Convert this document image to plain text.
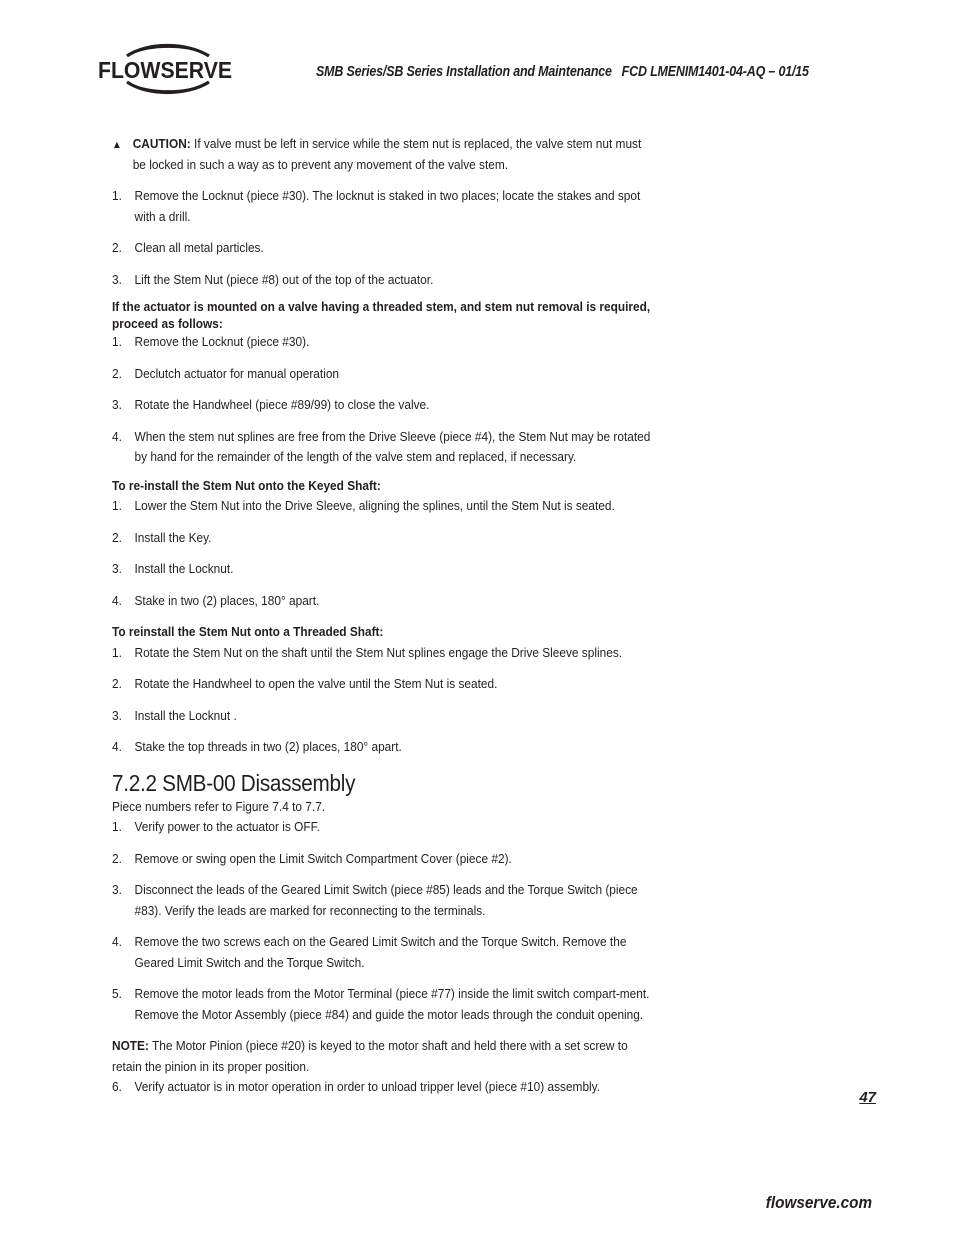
FLOWSERVE	SMB Series/SB Series Installation and Maintenance   FCD LMENIM1401-04-AQ – 01/15
▲ CAUTION: If valve must be left in service while the stem nut is replaced, the valve stem nut must be locked in such a way as to prevent any movement of the valve stem.

1. Remove the Locknut (piece #30). The locknut is staked in two places; locate the stakes and spot with a drill.

2. Clean all metal particles.

3. Lift the Stem Nut (piece #8) out of the top of the actuator.

If the actuator is mounted on a valve having a threaded stem, and stem nut removal is required, proceed as follows:

1. Remove the Locknut (piece #30).

2. Declutch actuator for manual operation

3. Rotate the Handwheel (piece #89/99) to close the valve.

4. When the stem nut splines are free from the Drive Sleeve (piece #4), the Stem Nut may be rotated by hand for the remainder of the length of the valve stem and replaced, if necessary.

To re-install the Stem Nut onto the Keyed Shaft:

1. Lower the Stem Nut into the Drive Sleeve, aligning the splines, until the Stem Nut is seated.

2. Install the Key.

3. Install the Locknut.

4. Stake in two (2) places, 180° apart.

To reinstall the Stem Nut onto a Threaded Shaft:

1. Rotate the Stem Nut on the shaft until the Stem Nut splines engage the Drive Sleeve splines.

2. Rotate the Handwheel to open the valve until the Stem Nut is seated.

3. Install the Locknut .

4. Stake the top threads in two (2) places, 180° apart.

7.2.2 SMB-00 Disassembly

Piece numbers refer to Figure 7.4 to 7.7.

1. Verify power to the actuator is OFF.

2. Remove or swing open the Limit Switch Compartment Cover (piece #2).

3. Disconnect the leads of the Geared Limit Switch (piece #85) leads and the Torque Switch (piece #83). Verify the leads are marked for reconnecting to the terminals.

4. Remove the two screws each on the Geared Limit Switch and the Torque Switch. Remove the Geared Limit Switch and the Torque Switch.

5. Remove the motor leads from the Motor Terminal (piece #77) inside the limit switch compart-ment. Remove the Motor Assembly (piece #84) and guide the motor leads through the conduit opening.

NOTE: The Motor Pinion (piece #20) is keyed to the motor shaft and held there with a set screw to retain the pinion in its proper position.

6. Verify actuator is in motor operation in order to unload tripper level (piece #10) assembly.

47
flowserve.com
